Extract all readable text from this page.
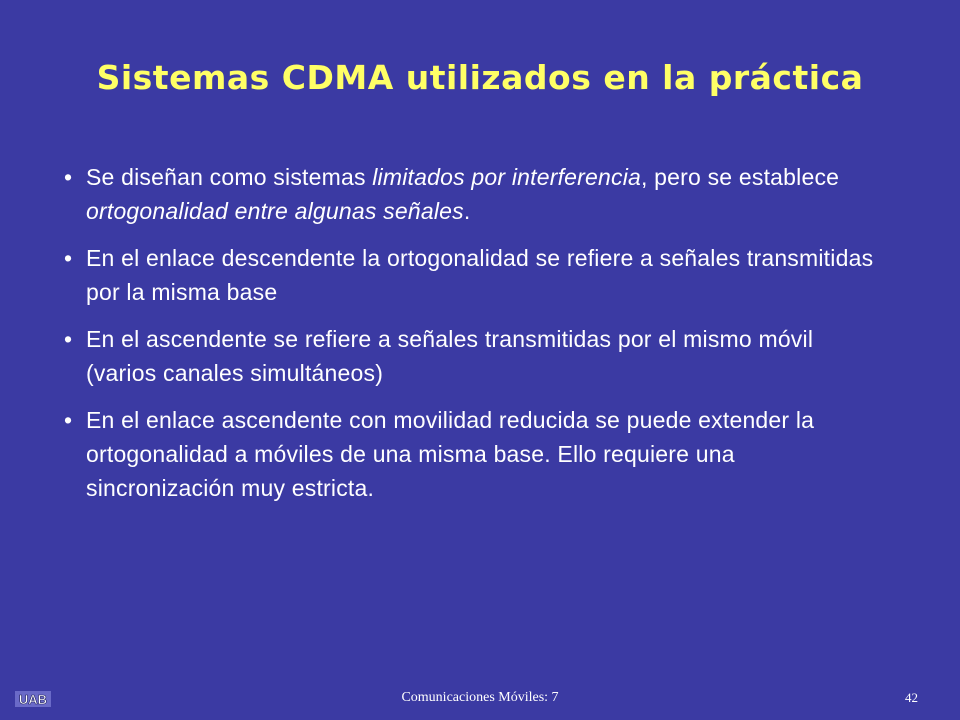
Sistemas CDMA utilizados en la práctica
• Se diseñan como sistemas limitados por interferencia, pero se establece ortogonalidad entre algunas señales.
• En el enlace descendente la ortogonalidad se refiere a señales transmitidas por la misma base
• En el ascendente se refiere a señales transmitidas por el mismo móvil (varios canales simultáneos)
• En el enlace ascendente con movilidad reducida se puede extender la ortogonalidad a móviles de una misma base. Ello requiere una sincronización muy estricta.
UAB	Comunicaciones Móviles: 7	42
